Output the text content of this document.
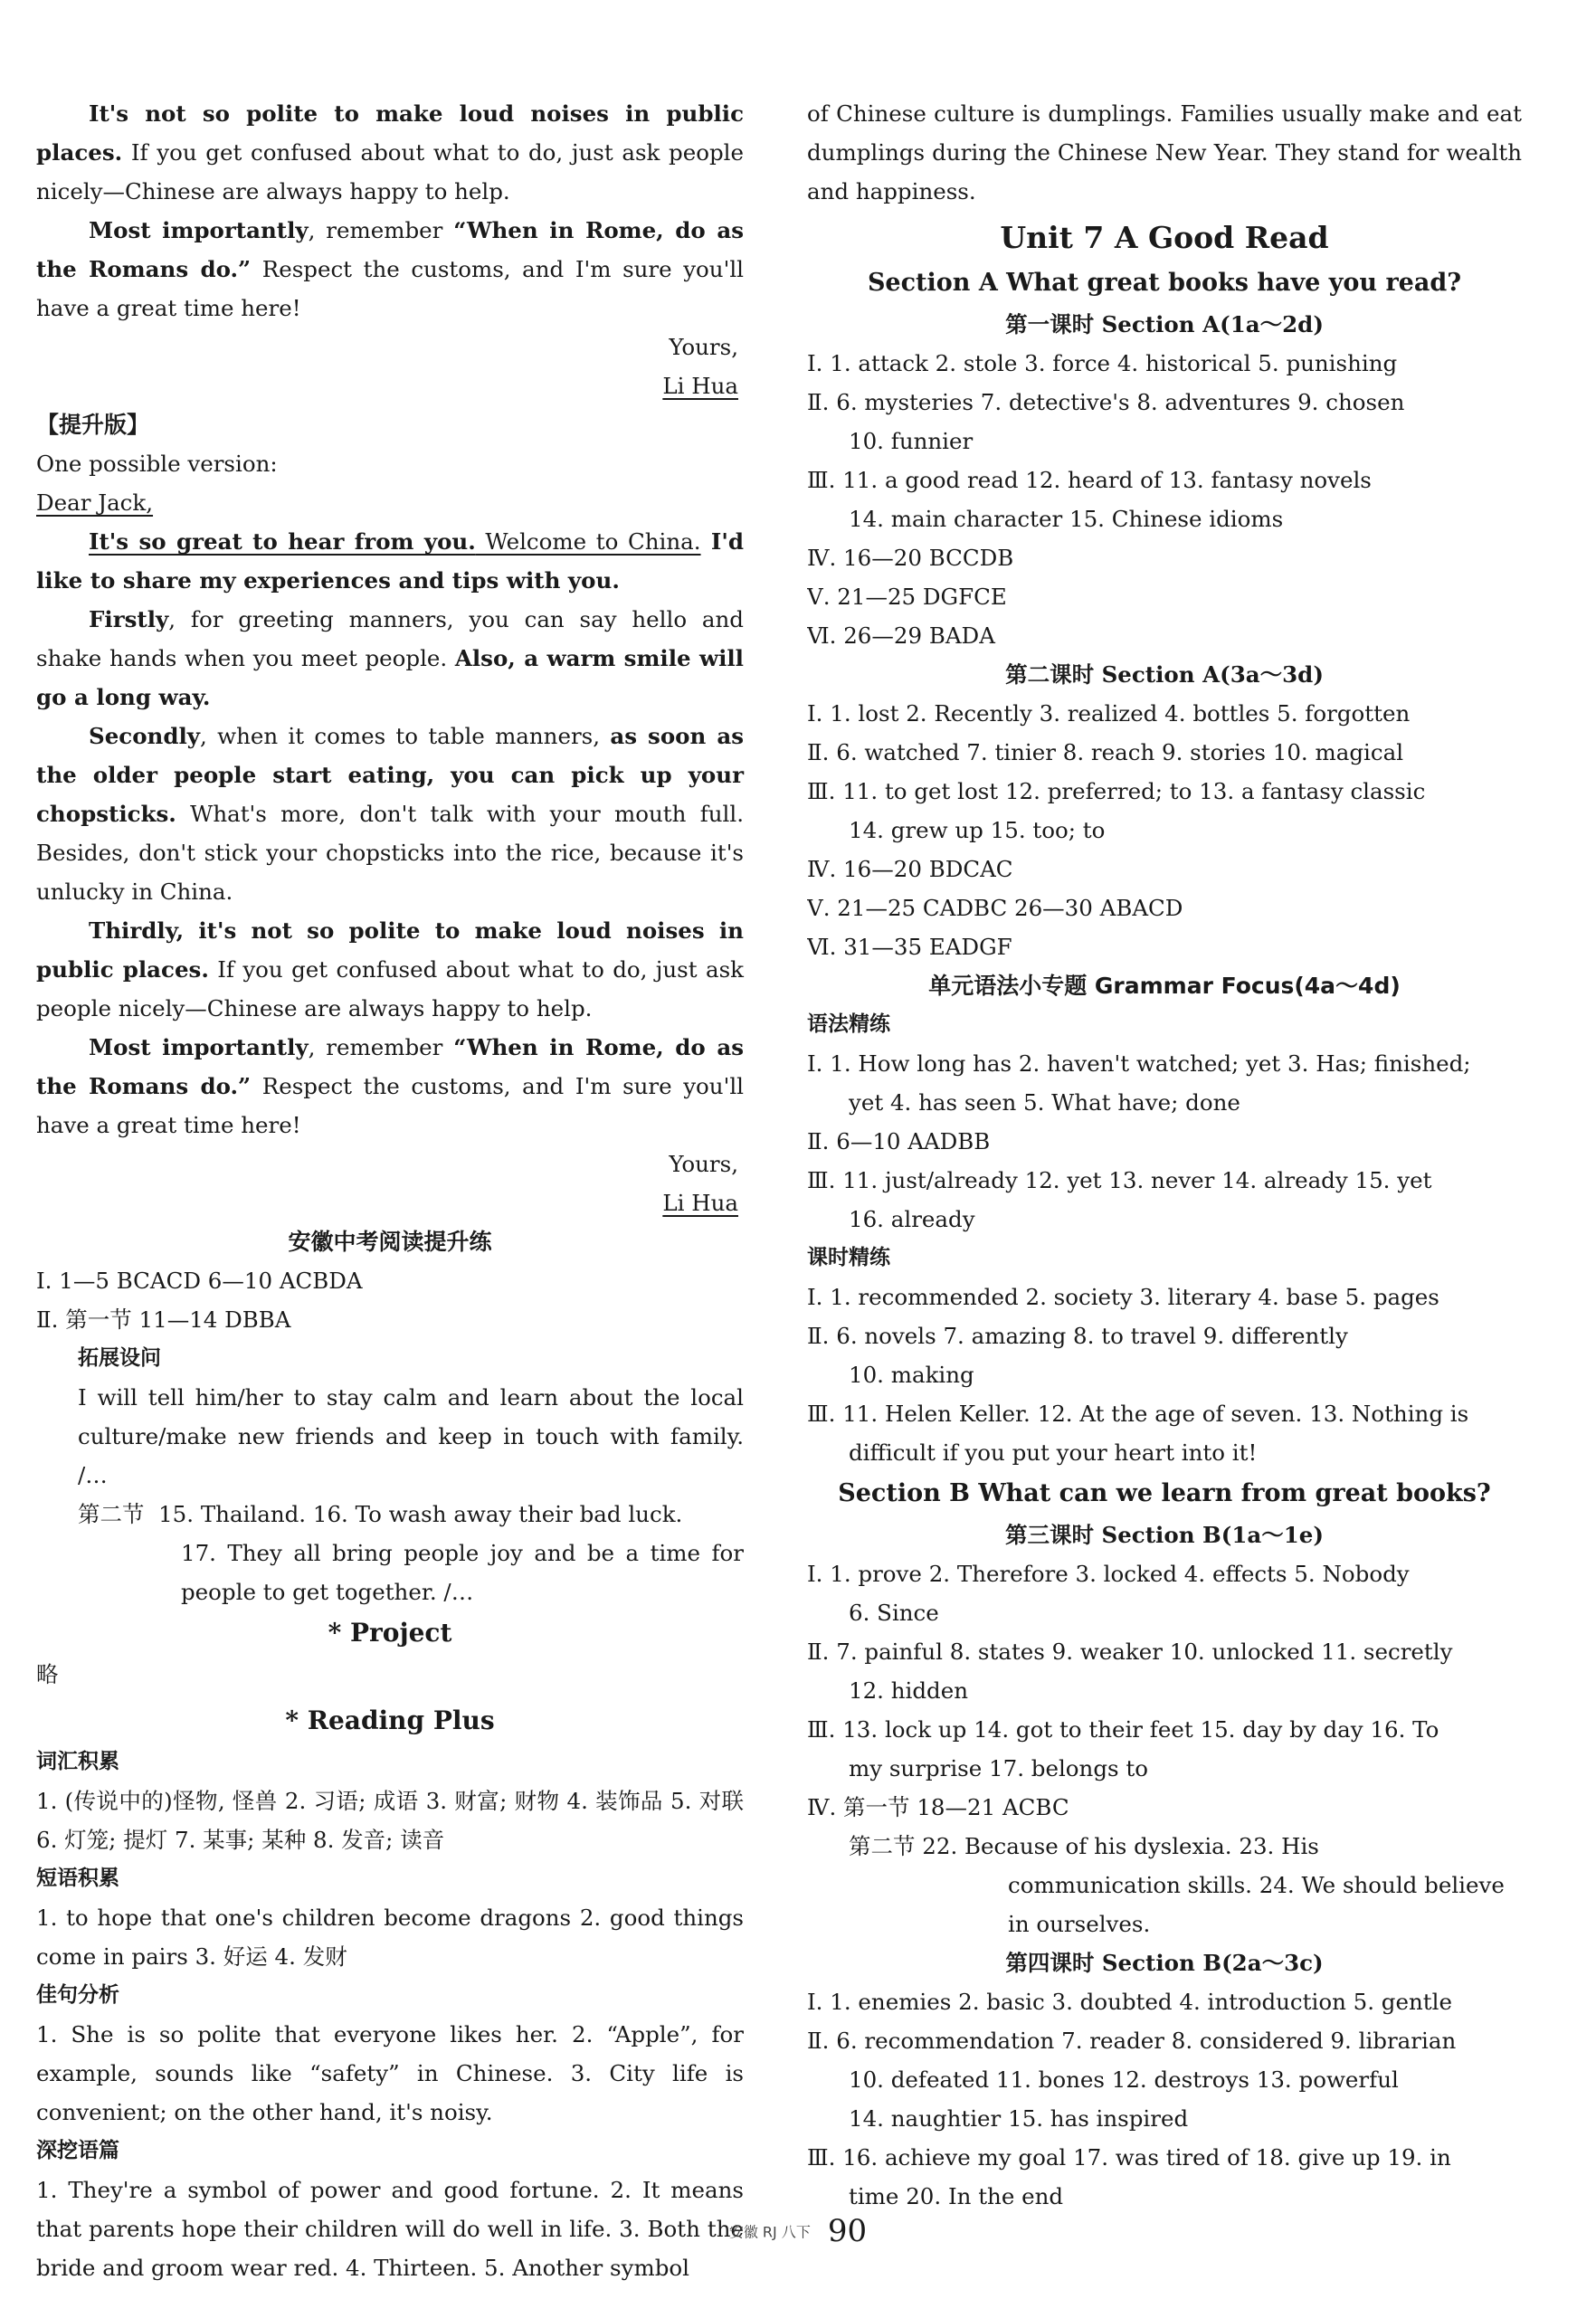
It's not so polite to make loud noises in public places. If you get confused about what to do, just ask people nicely—Chinese are always happy to help.

Most importantly, remember “When in Rome, do as the Romans do.” Respect the customs, and I'm sure you'll have a great time here!

Yours,

Li Hua

【提升版】

One possible version:

Dear Jack,

It's so great to hear from you. Welcome to China. I'd like to share my experiences and tips with you.

Firstly, for greeting manners, you can say hello and shake hands when you meet people. Also, a warm smile will go a long way.

Secondly, when it comes to table manners, as soon as the older people start eating, you can pick up your chopsticks. What's more, don't talk with your mouth full. Besides, don't stick your chopsticks into the rice, because it's unlucky in China.

Thirdly, it's not so polite to make loud noises in public places. If you get confused about what to do, just ask people nicely—Chinese are always happy to help.

Most importantly, remember “When in Rome, do as the Romans do.” Respect the customs, and I'm sure you'll have a great time here!

Yours,

Li Hua

安徽中考阅读提升练

Ⅰ. 1—5 BCACD 6—10 ACBDA

Ⅱ. 第一节 11—14 DBBA

拓展设问

I will tell him/her to stay calm and learn about the local culture/make new friends and keep in touch with family. /…

第二节 15. Thailand. 16. To wash away their bad luck.

17. They all bring people joy and be a time for people to get together. /…

* Project

略

* Reading Plus

词汇积累

1. (传说中的)怪物, 怪兽 2. 习语; 成语 3. 财富; 财物 4. 装饰品 5. 对联 6. 灯笼; 提灯 7. 某事; 某种 8. 发音; 读音

短语积累

1. to hope that one's children become dragons 2. good things come in pairs 3. 好运 4. 发财

佳句分析

1. She is so polite that everyone likes her. 2. “Apple”, for example, sounds like “safety” in Chinese. 3. City life is convenient; on the other hand, it's noisy.

深挖语篇

1. They're a symbol of power and good fortune. 2. It means that parents hope their children will do well in life. 3. Both the bride and groom wear red. 4. Thirteen. 5. Another symbol

of Chinese culture is dumplings. Families usually make and eat dumplings during the Chinese New Year. They stand for wealth and happiness.

Unit 7 A Good Read

Section A What great books have you read?

第一课时 Section A(1a～2d)

Ⅰ. 1. attack 2. stole 3. force 4. historical 5. punishing

Ⅱ. 6. mysteries 7. detective's 8. adventures 9. chosen

10. funnier

Ⅲ. 11. a good read 12. heard of 13. fantasy novels

14. main character 15. Chinese idioms

Ⅳ. 16—20 BCCDB

Ⅴ. 21—25 DGFCE

Ⅵ. 26—29 BADA

第二课时 Section A(3a～3d)

Ⅰ. 1. lost 2. Recently 3. realized 4. bottles 5. forgotten

Ⅱ. 6. watched 7. tinier 8. reach 9. stories 10. magical

Ⅲ. 11. to get lost 12. preferred; to 13. a fantasy classic

14. grew up 15. too; to

Ⅳ. 16—20 BDCAC

Ⅴ. 21—25 CADBC 26—30 ABACD

Ⅵ. 31—35 EADGF

单元语法小专题 Grammar Focus(4a～4d)

语法精练

Ⅰ. 1. How long has 2. haven't watched; yet 3. Has; finished;

yet 4. has seen 5. What have; done

Ⅱ. 6—10 AADBB

Ⅲ. 11. just/already 12. yet 13. never 14. already 15. yet

16. already

课时精练

Ⅰ. 1. recommended 2. society 3. literary 4. base 5. pages

Ⅱ. 6. novels 7. amazing 8. to travel 9. differently

10. making

Ⅲ. 11. Helen Keller. 12. At the age of seven. 13. Nothing is

difficult if you put your heart into it!

Section B What can we learn from great books?

第三课时 Section B(1a～1e)

Ⅰ. 1. prove 2. Therefore 3. locked 4. effects 5. Nobody

6. Since

Ⅱ. 7. painful 8. states 9. weaker 10. unlocked 11. secretly

12. hidden

Ⅲ. 13. lock up 14. got to their feet 15. day by day 16. To

my surprise 17. belongs to

Ⅳ. 第一节 18—21 ACBC

第二节 22. Because of his dyslexia. 23. His

communication skills. 24. We should believe

in ourselves.

第四课时 Section B(2a～3c)

Ⅰ. 1. enemies 2. basic 3. doubted 4. introduction 5. gentle

Ⅱ. 6. recommendation 7. reader 8. considered 9. librarian

10. defeated 11. bones 12. destroys 13. powerful

14. naughtier 15. has inspired

Ⅲ. 16. achieve my goal 17. was tired of 18. give up 19. in

time 20. In the end

安徽 RJ 八下 90
